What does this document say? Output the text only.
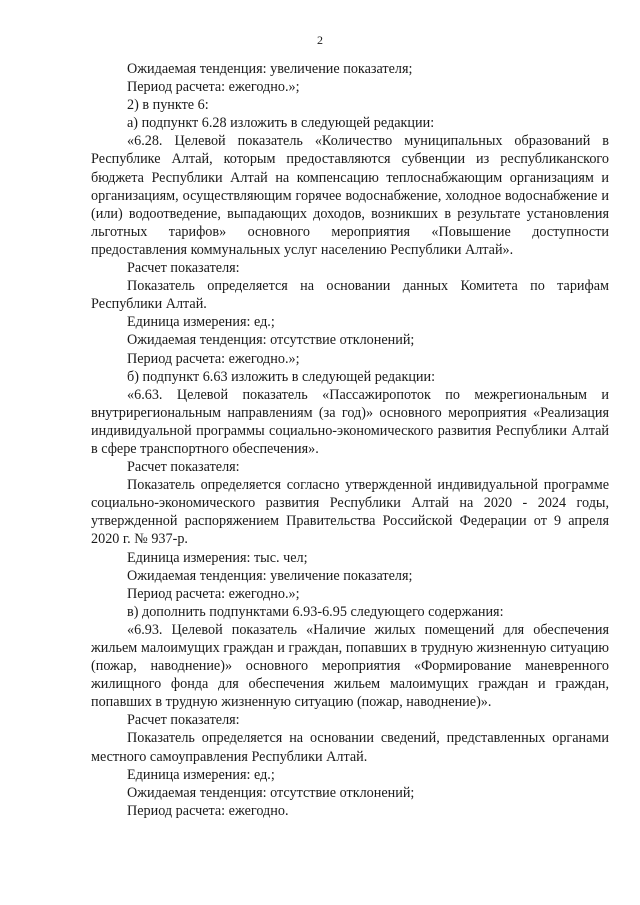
2

Ожидаемая тенденция: увеличение показателя;

Период расчета: ежегодно.»;

2) в пункте 6:

а) подпункт 6.28 изложить в следующей редакции:

«6.28. Целевой показатель «Количество муниципальных образований в Республике Алтай, которым предоставляются субвенции из республиканского бюджета Республики Алтай на компенсацию теплоснабжающим организациям и организациям, осуществляющим горячее водоснабжение, холодное водоснабжение и (или) водоотведение, выпадающих доходов, возникших в результате установления льготных тарифов» основного мероприятия «Повышение доступности предоставления коммунальных услуг населению Республики Алтай».

Расчет показателя:

Показатель определяется на основании данных Комитета по тарифам Республики Алтай.

Единица измерения: ед.;

Ожидаемая тенденция: отсутствие отклонений;

Период расчета: ежегодно.»;

б) подпункт 6.63 изложить в следующей редакции:

«6.63. Целевой показатель «Пассажиропоток по межрегиональным и внутрирегиональным направлениям (за год)» основного мероприятия «Реализация индивидуальной программы социально-экономического развития Республики Алтай в сфере транспортного обеспечения».

Расчет показателя:

Показатель определяется согласно утвержденной индивидуальной программе социально-экономического развития Республики Алтай на 2020 - 2024 годы, утвержденной распоряжением Правительства Российской Федерации от 9 апреля 2020 г. № 937-р.

Единица измерения: тыс. чел;

Ожидаемая тенденция: увеличение показателя;

Период расчета: ежегодно.»;

в) дополнить подпунктами 6.93-6.95 следующего содержания:

«6.93. Целевой показатель «Наличие жилых помещений для обеспечения жильем малоимущих граждан и граждан, попавших в трудную жизненную ситуацию (пожар, наводнение)» основного мероприятия «Формирование маневренного жилищного фонда для обеспечения жильем малоимущих граждан и граждан, попавших в трудную жизненную ситуацию (пожар, наводнение)».

Расчет показателя:

Показатель определяется на основании сведений, представленных органами местного самоуправления Республики Алтай.

Единица измерения: ед.;

Ожидаемая тенденция: отсутствие отклонений;

Период расчета: ежегодно.
